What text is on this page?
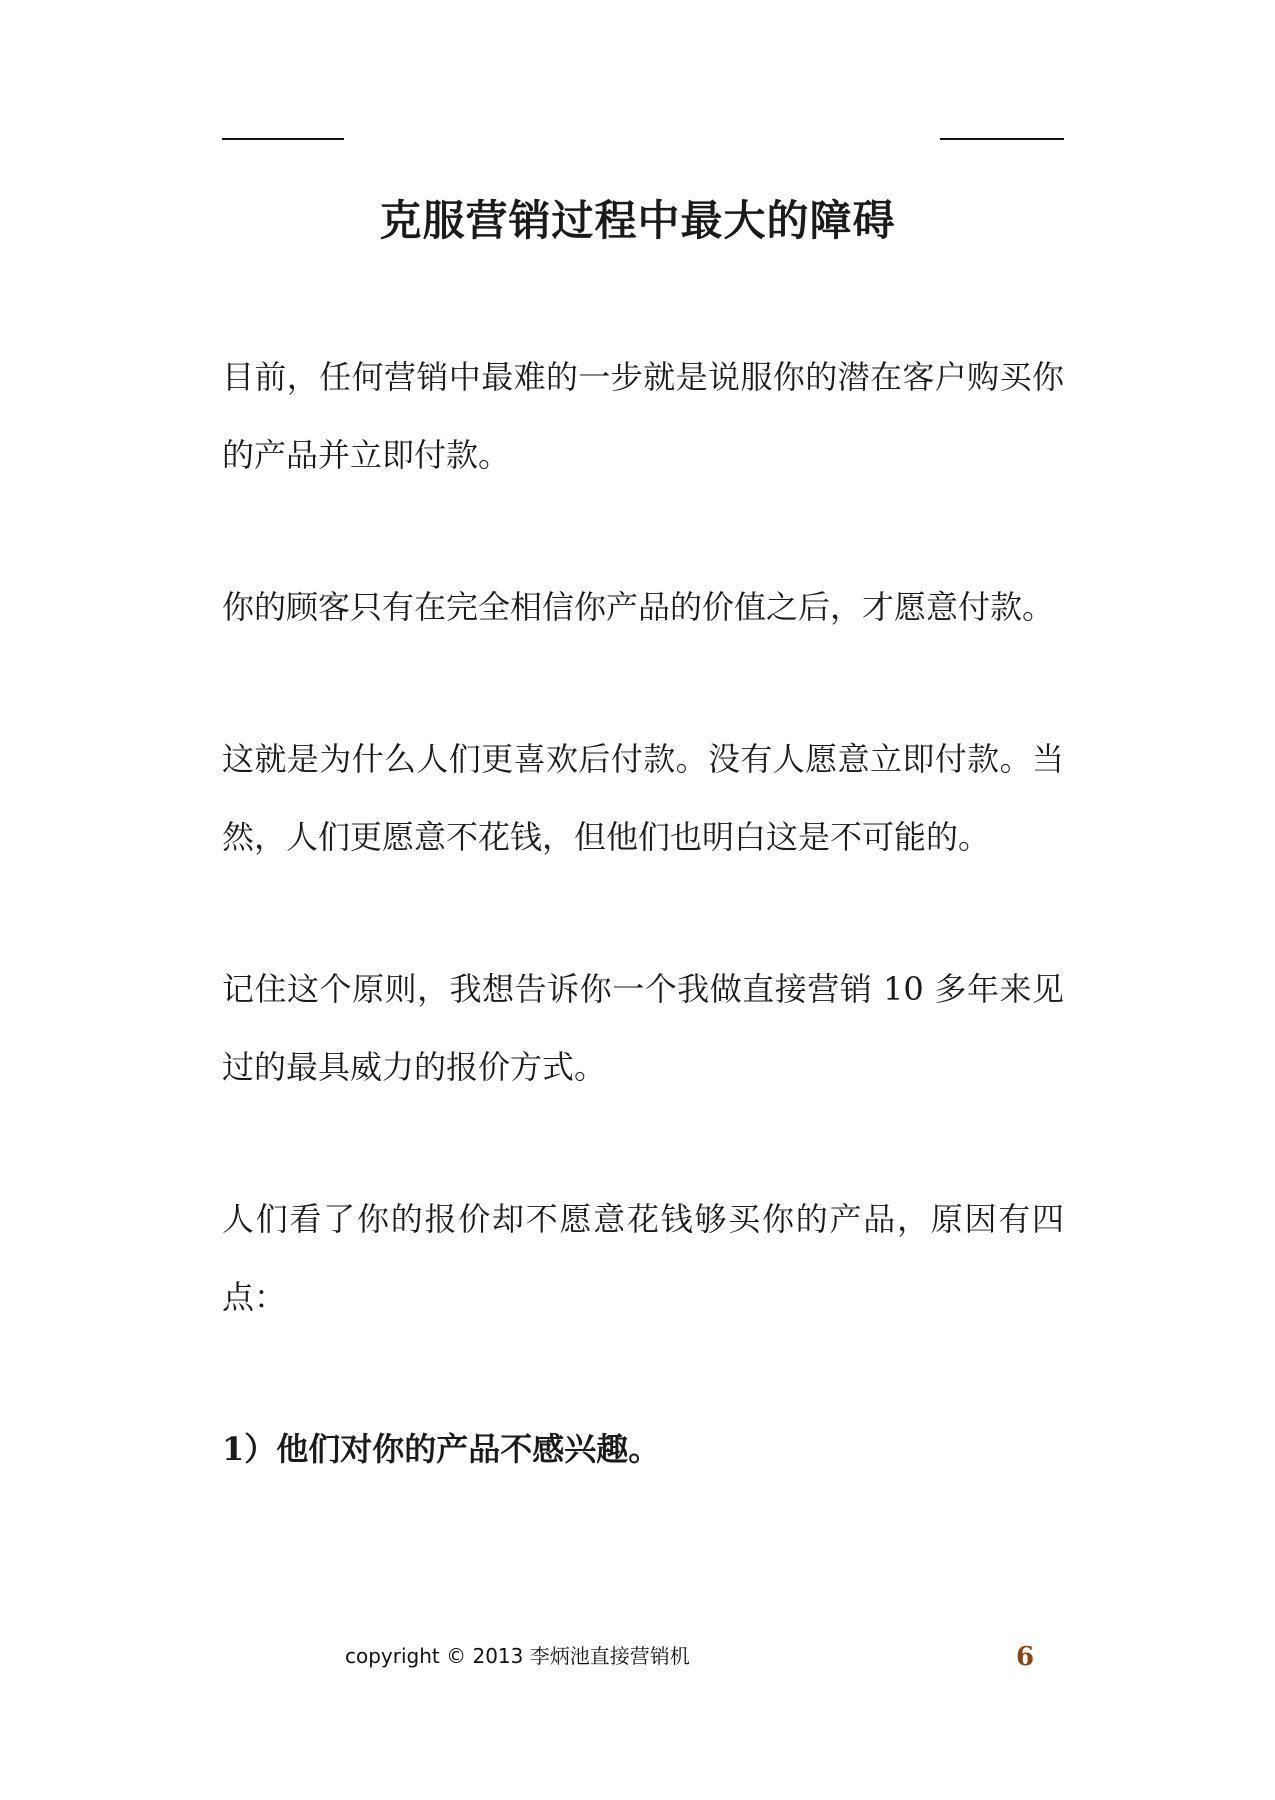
克服营销过程中最大的障碍

目前，任何营销中最难的一步就是说服你的潜在客户购买你的产品并立即付款。

你的顾客只有在完全相信你产品的价值之后，才愿意付款。

这就是为什么人们更喜欢后付款。没有人愿意立即付款。当然，人们更愿意不花钱，但他们也明白这是不可能的。

记住这个原则，我想告诉你一个我做直接营销 10 多年来见过的最具威力的报价方式。

人们看了你的报价却不愿意花钱够买你的产品，原因有四点：

1）他们对你的产品不感兴趣。

copyright © 2013 李炳池直接营销机	6
